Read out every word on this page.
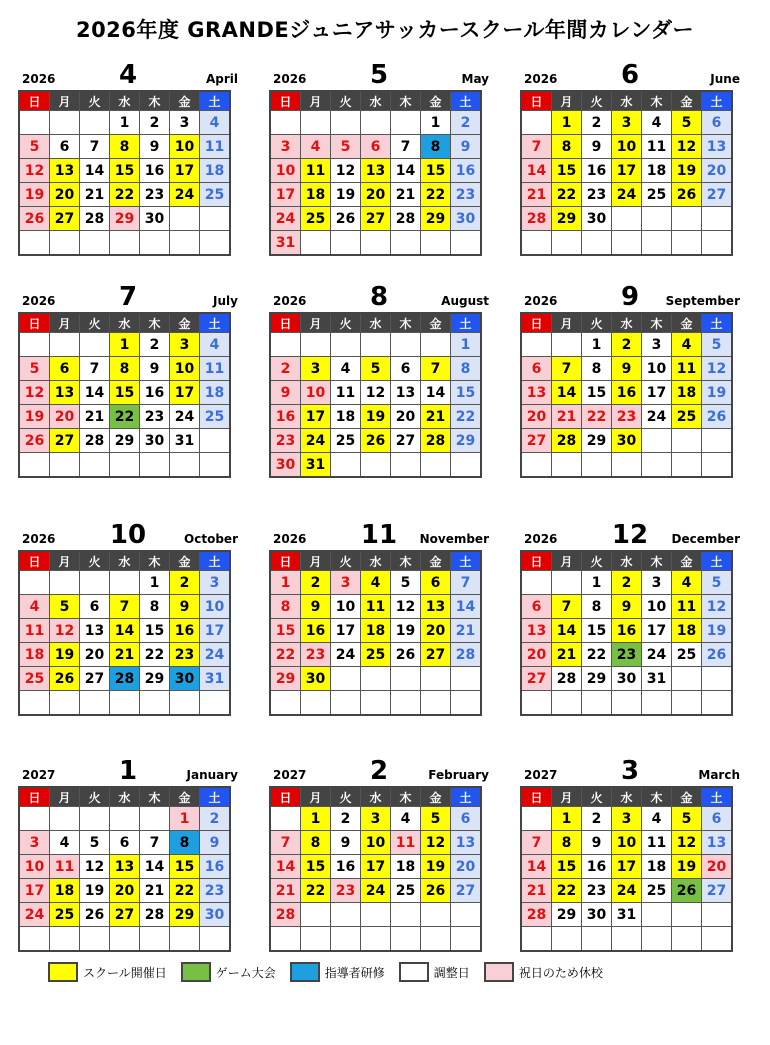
2026年度 GRANDEジュニアサッカースクール年間カレンダー
2026	4	April
日	月	火	水	木	金	土
			1	2	3	4
5	6	7	8	9	10	11
12	13	14	15	16	17	18
19	20	21	22	23	24	25
26	27	28	29	30		

2026	5	May
日	月	火	水	木	金	土
					1	2
3	4	5	6	7	8	9
10	11	12	13	14	15	16
17	18	19	20	21	22	23
24	25	26	27	28	29	30
31						
2026	6	June
日	月	火	水	木	金	土
	1	2	3	4	5	6
7	8	9	10	11	12	13
14	15	16	17	18	19	20
21	22	23	24	25	26	27
28	29	30				

2026	7	July
日	月	火	水	木	金	土
			1	2	3	4
5	6	7	8	9	10	11
12	13	14	15	16	17	18
19	20	21	22	23	24	25
26	27	28	29	30	31	

2026	8	August
日	月	火	水	木	金	土
						1
2	3	4	5	6	7	8
9	10	11	12	13	14	15
16	17	18	19	20	21	22
23	24	25	26	27	28	29
30	31					
2026	9	September
日	月	火	水	木	金	土
		1	2	3	4	5
6	7	8	9	10	11	12
13	14	15	16	17	18	19
20	21	22	23	24	25	26
27	28	29	30			

2026	10	October
日	月	火	水	木	金	土
				1	2	3
4	5	6	7	8	9	10
11	12	13	14	15	16	17
18	19	20	21	22	23	24
25	26	27	28	29	30	31

2026	11	November
日	月	火	水	木	金	土
1	2	3	4	5	6	7
8	9	10	11	12	13	14
15	16	17	18	19	20	21
22	23	24	25	26	27	28
29	30					

2026	12	December
日	月	火	水	木	金	土
		1	2	3	4	5
6	7	8	9	10	11	12
13	14	15	16	17	18	19
20	21	22	23	24	25	26
27	28	29	30	31		

2027	1	January
日	月	火	水	木	金	土
					1	2
3	4	5	6	7	8	9
10	11	12	13	14	15	16
17	18	19	20	21	22	23
24	25	26	27	28	29	30

2027	2	February
日	月	火	水	木	金	土
	1	2	3	4	5	6
7	8	9	10	11	12	13
14	15	16	17	18	19	20
21	22	23	24	25	26	27
28						

2027	3	March
日	月	火	水	木	金	土
	1	2	3	4	5	6
7	8	9	10	11	12	13
14	15	16	17	18	19	20
21	22	23	24	25	26	27
28	29	30	31			

スクール開催日	ゲーム大会	指導者研修	調整日	祝日のため休校
